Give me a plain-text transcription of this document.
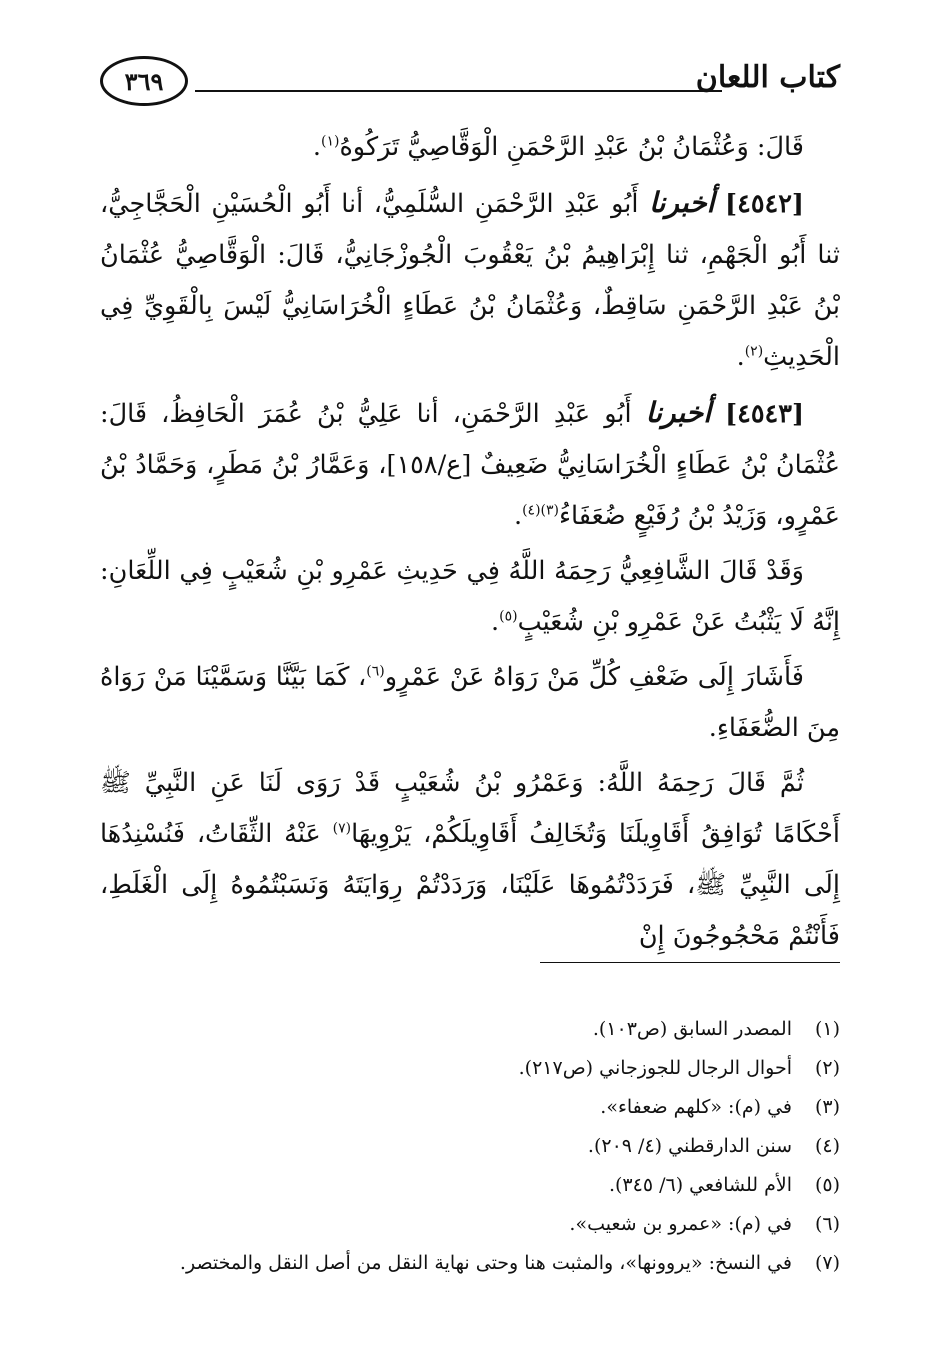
كتاب اللعان
٣٦٩

قَالَ: وَعُثْمَانُ بْنُ عَبْدِ الرَّحْمَنِ الْوَقَّاصِيُّ تَرَكُوهُ$^{(١)}$.

[٤٥٤٢] أخبرنا أَبُو عَبْدِ الرَّحْمَنِ السُّلَمِيُّ، أنا أَبُو الْحُسَيْنِ الْحَجَّاجِيُّ، ثنا أَبُو الْجَهْمِ، ثنا إِبْرَاهِيمُ بْنُ يَعْقُوبَ الْجُوزْجَانِيُّ، قَالَ: الْوَقَّاصِيُّ عُثْمَانُ بْنُ عَبْدِ الرَّحْمَنِ سَاقِطٌ، وَعُثْمَانُ بْنُ عَطَاءٍ الْخُرَاسَانِيُّ لَيْسَ بِالْقَوِيِّ فِي الْحَدِيثِ$^{(٢)}$.

[٤٥٤٣] أخبرنا أَبُو عَبْدِ الرَّحْمَنِ، أنا عَلِيُّ بْنُ عُمَرَ الْحَافِظُ، قَالَ: عُثْمَانُ بْنُ عَطَاءٍ الْخُرَاسَانِيُّ ضَعِيفٌ [ع/١٥٨]، وَعَمَّارُ بْنُ مَطَرٍ، وَحَمَّادُ بْنُ عَمْرٍو، وَزَيْدُ بْنُ رُفَيْعٍ ضُعَفَاءُ$^{(٣)(٤)}$.

وَقَدْ قَالَ الشَّافِعِيُّ رَحِمَهُ اللَّهُ فِي حَدِيثِ عَمْرِو بْنِ شُعَيْبٍ فِي اللِّعَانِ: إِنَّهُ لَا يَثْبُتُ عَنْ عَمْرِو بْنِ شُعَيْبٍ$^{(٥)}$.

فَأَشَارَ إِلَى ضَعْفِ كُلِّ مَنْ رَوَاهُ عَنْ عَمْرٍو$^{(٦)}$، كَمَا بَيَّنَّا وَسَمَّيْنَا مَنْ رَوَاهُ مِنَ الضُّعَفَاءِ.

ثُمَّ قَالَ رَحِمَهُ اللَّهُ: وَعَمْرُو بْنُ شُعَيْبٍ قَدْ رَوَى لَنَا عَنِ النَّبِيِّ ﷺ أَحْكَامًا تُوَافِقُ أَقَاوِيلَنَا وَتُخَالِفُ أَقَاوِيلَكُمْ، يَرْوِيهَا$^{(٧)}$ عَنْهُ الثِّقَاتُ، فَنُسْنِدُهَا إِلَى النَّبِيِّ ﷺ، فَرَدَدْتُمُوهَا عَلَيْنَا، وَرَدَدْتُمْ رِوَايَتَهُ وَنَسَبْتُمُوهُ إِلَى الْغَلَطِ، فَأَنْتُمْ مَحْجُوجُونَ إِنْ

(١)المصدر السابق (ص١٠٣).
(٢)أحوال الرجال للجوزجاني (ص٢١٧).
(٣)في (م): «كلهم ضعفاء».
(٤)سنن الدارقطني (٤/ ٢٠٩).
(٥)الأم للشافعي (٦/ ٣٤٥).
(٦)في (م): «عمرو بن شعيب».
(٧)في النسخ: «يروونها»، والمثبت هنا وحتى نهاية النقل من أصل النقل والمختصر.
